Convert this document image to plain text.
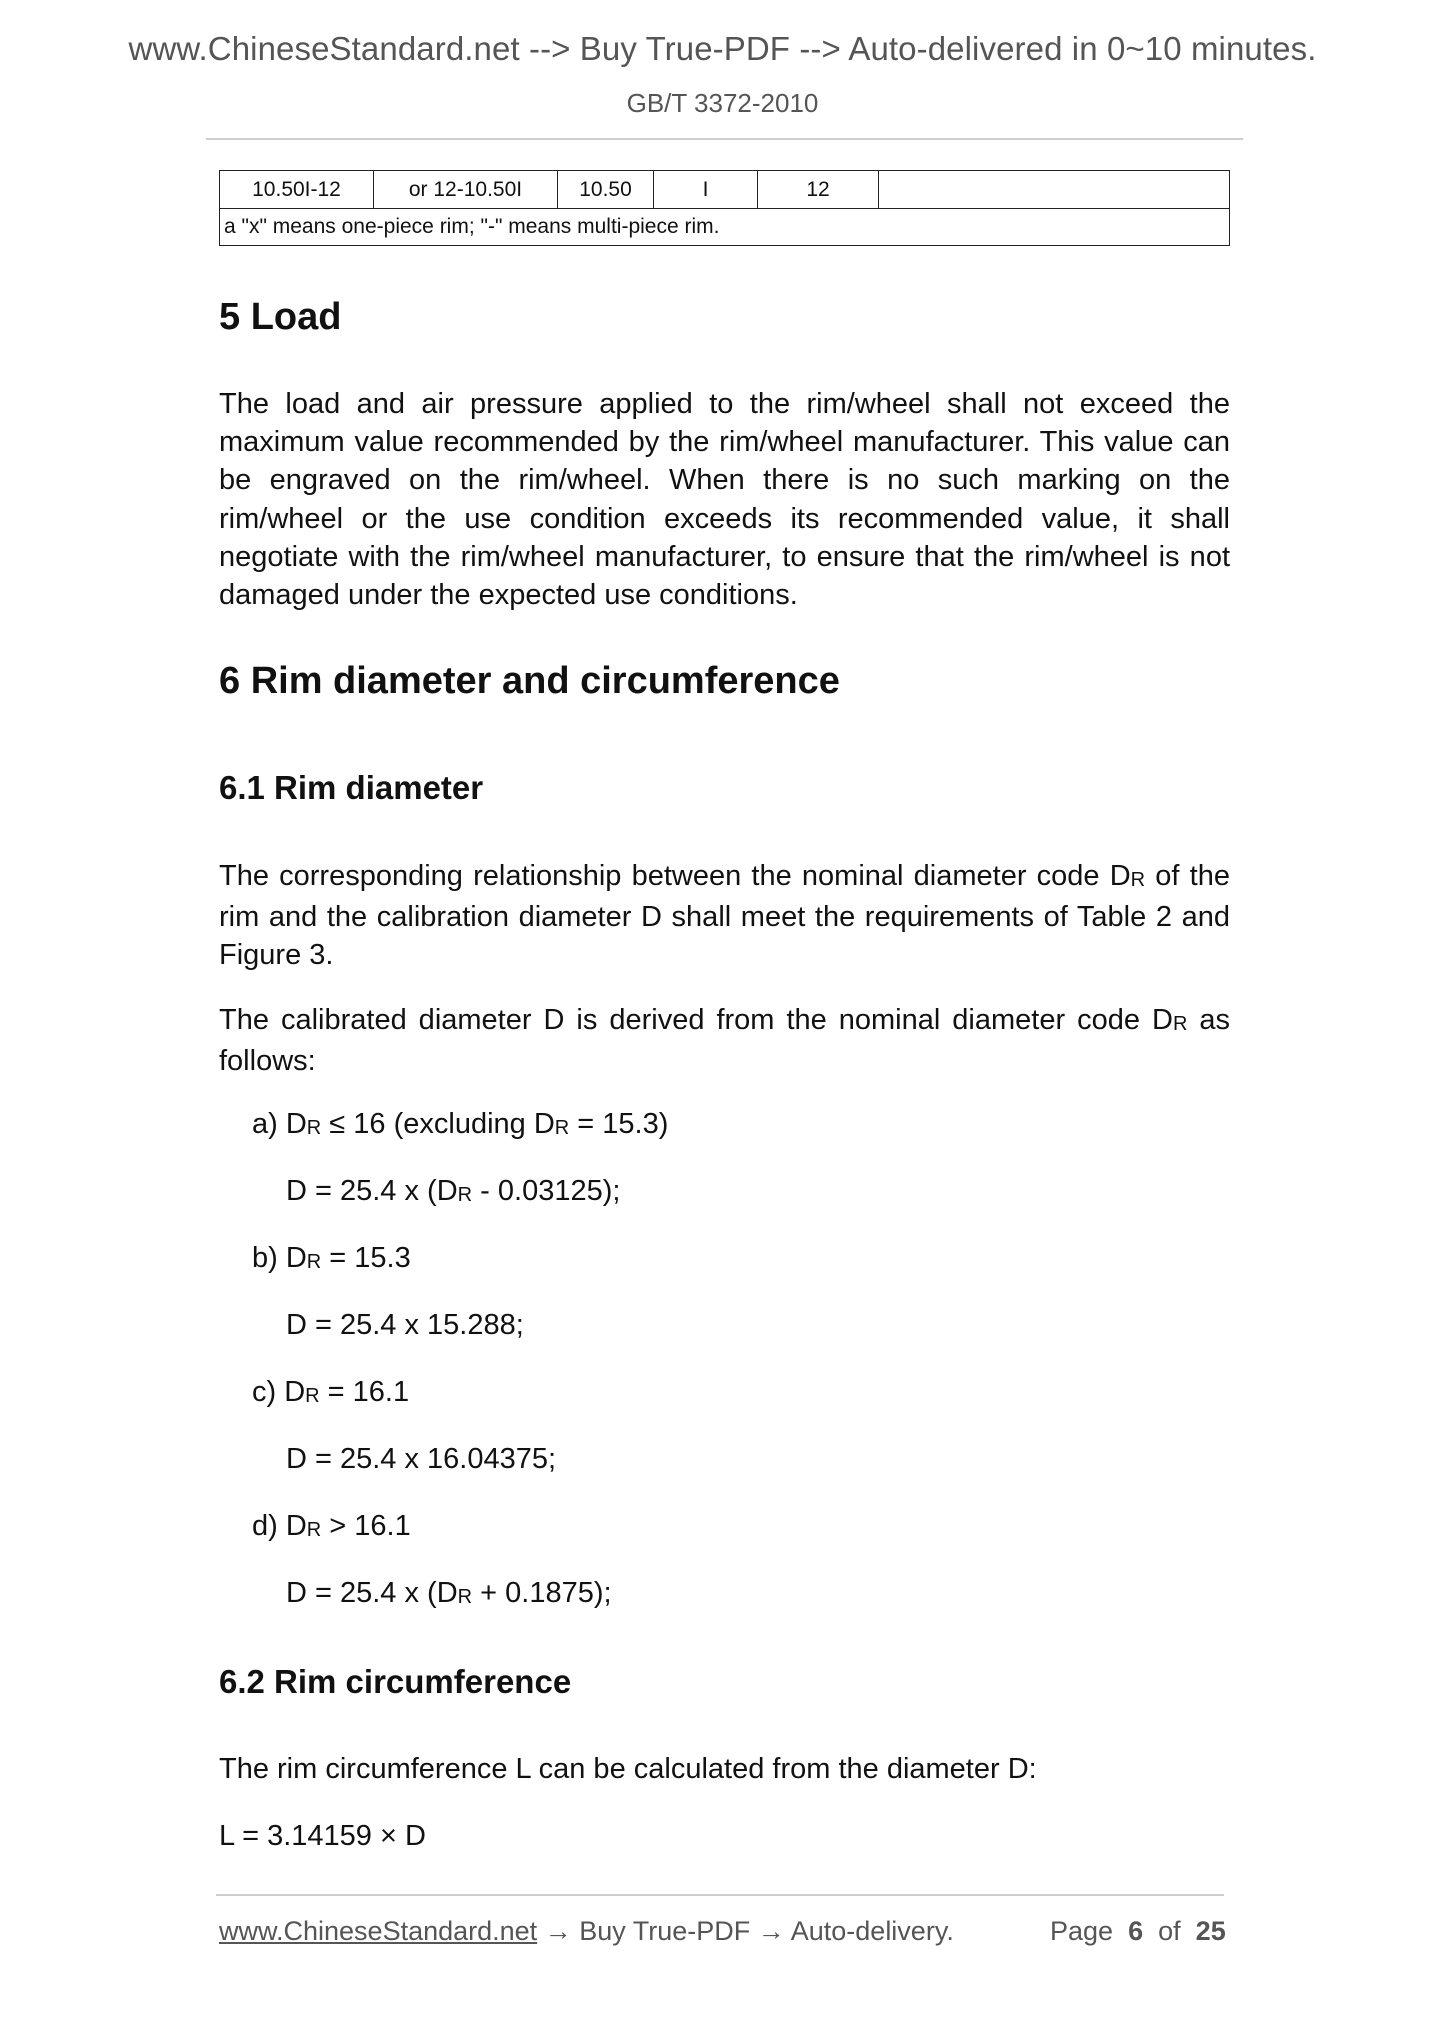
www.ChineseStandard.net --> Buy True-PDF --> Auto-delivered in 0~10 minutes.
GB/T 3372-2010
10.50I-12	or 12-10.50I	10.50	I	12	
a "x" means one-piece rim; "-" means multi-piece rim.
5 Load

The load and air pressure applied to the rim/wheel shall not exceed the maximum value recommended by the rim/wheel manufacturer. This value can be engraved on the rim/wheel. When there is no such marking on the rim/wheel or the use condition exceeds its recommended value, it shall negotiate with the rim/wheel manufacturer, to ensure that the rim/wheel is not damaged under the expected use conditions.

6 Rim diameter and circumference
6.1 Rim diameter

The corresponding relationship between the nominal diameter code DR of the rim and the calibration diameter D shall meet the requirements of Table 2 and Figure 3.

The calibrated diameter D is derived from the nominal diameter code DR as follows:

a) DR ≤ 16 (excluding DR = 15.3)
D = 25.4 x (DR - 0.03125);
b) DR = 15.3
D = 25.4 x 15.288;
c) DR = 16.1
D = 25.4 x 16.04375;
d) DR > 16.1
D = 25.4 x (DR + 0.1875);
6.2 Rim circumference
The rim circumference L can be calculated from the diameter D:
L = 3.14159 × D
www.ChineseStandard.net → Buy True-PDF → Auto-delivery.	Page 6 of 25
